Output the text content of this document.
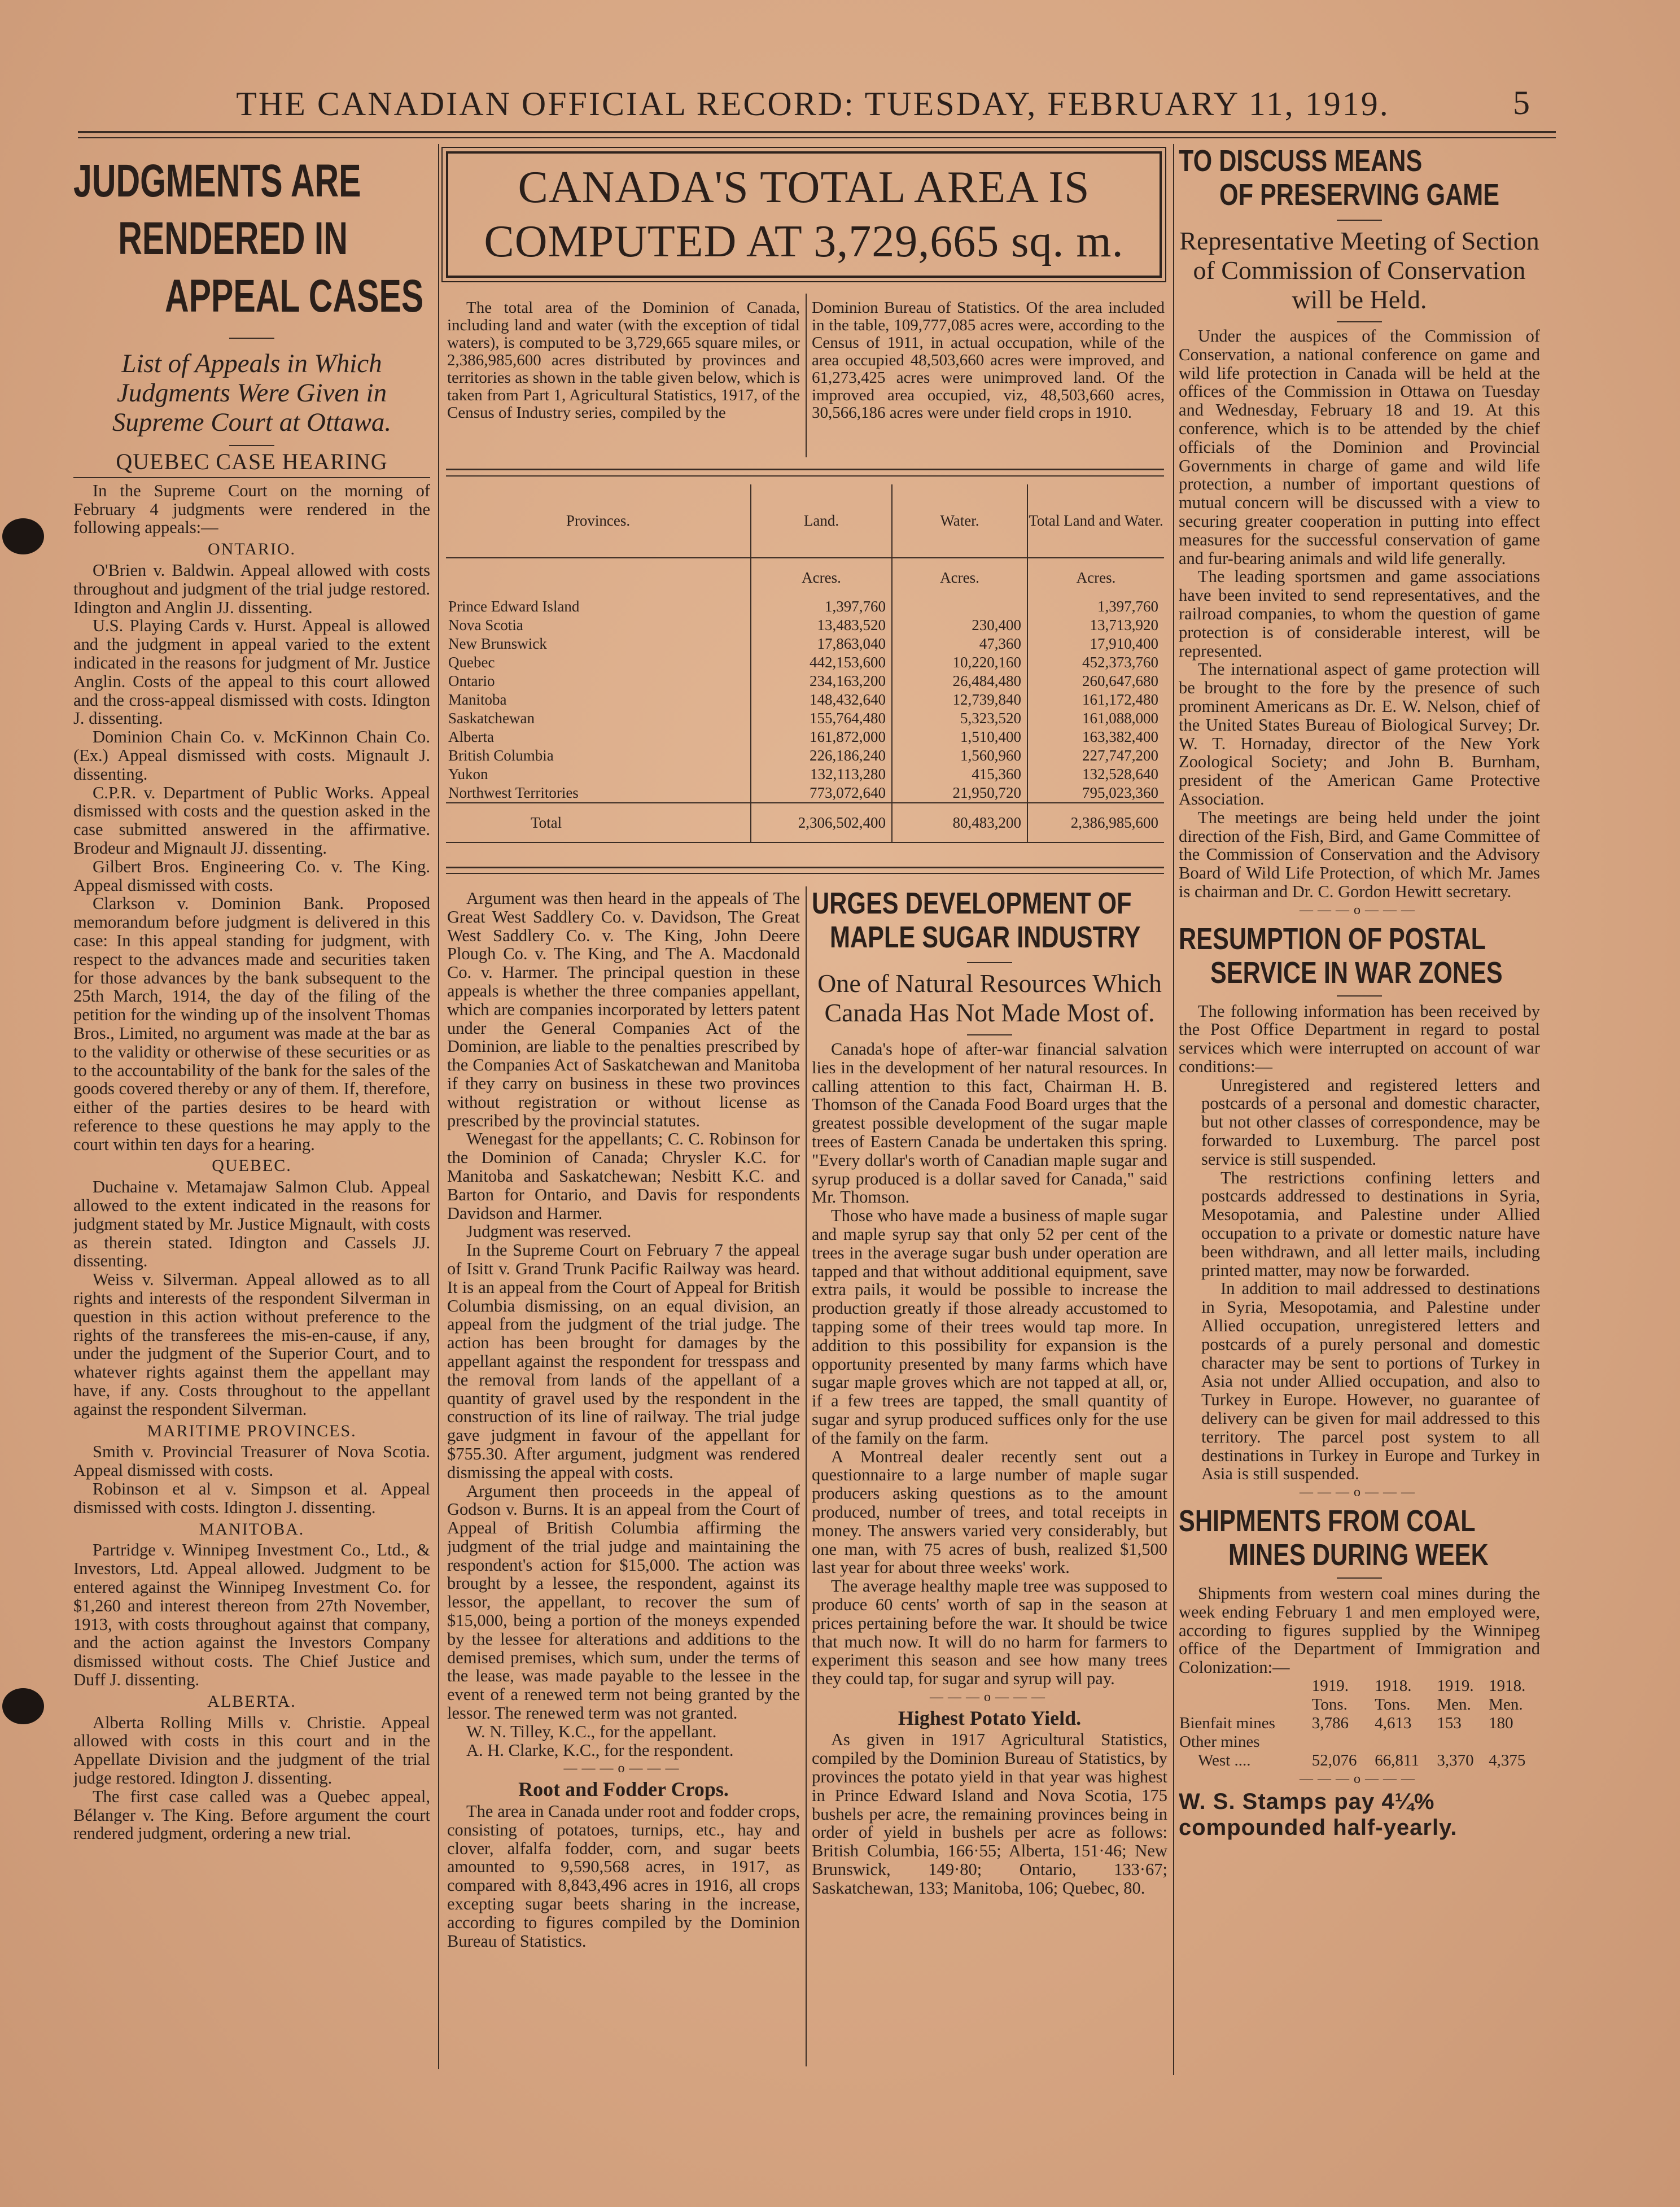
THE CANADIAN OFFICIAL RECORD: TUESDAY, FEBRUARY 11, 1919.	5
JUDGMENTS ARE
RENDERED IN
APPEAL CASES
List of Appeals in Which Judgments Were Given in Supreme Court at Ottawa.
QUEBEC CASE HEARING

In the Supreme Court on the morning of February 4 judgments were rendered in the following appeals:—

ONTARIO.

O'Brien v. Baldwin. Appeal allowed with costs throughout and judgment of the trial judge restored. Idington and Anglin JJ. dissenting.

U.S. Playing Cards v. Hurst. Appeal is allowed and the judgment in appeal varied to the extent indicated in the reasons for judgment of Mr. Justice Anglin. Costs of the appeal to this court allowed and the cross-appeal dismissed with costs. Idington J. dissenting.

Dominion Chain Co. v. McKinnon Chain Co. (Ex.) Appeal dismissed with costs. Mignault J. dissenting.

C.P.R. v. Department of Public Works. Appeal dismissed with costs and the question asked in the case submitted answered in the affirmative. Brodeur and Mignault JJ. dissenting.

Gilbert Bros. Engineering Co. v. The King. Appeal dismissed with costs.

Clarkson v. Dominion Bank. Proposed memorandum before judgment is delivered in this case: In this appeal standing for judgment, with respect to the advances made and securities taken for those advances by the bank subsequent to the 25th March, 1914, the day of the filing of the petition for the winding up of the insolvent Thomas Bros., Limited, no argument was made at the bar as to the validity or otherwise of these securities or as to the accountability of the bank for the sales of the goods covered thereby or any of them. If, therefore, either of the parties desires to be heard with reference to these questions he may apply to the court within ten days for a hearing.

QUEBEC.

Duchaine v. Metamajaw Salmon Club. Appeal allowed to the extent indicated in the reasons for judgment stated by Mr. Justice Mignault, with costs as therein stated. Idington and Cassels JJ. dissenting.

Weiss v. Silverman. Appeal allowed as to all rights and interests of the respondent Silverman in question in this action without preference to the rights of the transferees the mis-en-cause, if any, under the judgment of the Superior Court, and to whatever rights against them the appellant may have, if any. Costs throughout to the appellant against the respondent Silverman.

MARITIME PROVINCES.

Smith v. Provincial Treasurer of Nova Scotia. Appeal dismissed with costs.

Robinson et al v. Simpson et al. Appeal dismissed with costs. Idington J. dissenting.

MANITOBA.

Partridge v. Winnipeg Investment Co., Ltd., & Investors, Ltd. Appeal allowed. Judgment to be entered against the Winnipeg Investment Co. for $1,260 and interest thereon from 27th November, 1913, with costs throughout against that company, and the action against the Investors Company dismissed without costs. The Chief Justice and Duff J. dissenting.

ALBERTA.

Alberta Rolling Mills v. Christie. Appeal allowed with costs in this court and in the Appellate Division and the judgment of the trial judge restored. Idington J. dissenting.

The first case called was a Quebec appeal, Bélanger v. The King. Before argument the court rendered judgment, ordering a new trial.

CANADA'S TOTAL AREA IS
COMPUTED AT 3,729,665 sq. m.

The total area of the Dominion of Canada, including land and water (with the exception of tidal waters), is computed to be 3,729,665 square miles, or 2,386,985,600 acres distributed by provinces and territories as shown in the table given below, which is taken from Part 1, Agricultural Statistics, 1917, of the Census of Industry series, compiled by the

Dominion Bureau of Statistics. Of the area included in the table, 109,777,085 acres were, according to the Census of 1911, in actual occupation, while of the area occupied 48,503,660 acres were improved, and 61,273,425 acres were unimproved land. Of the improved area occupied, viz, 48,503,660 acres, 30,566,186 acres were under field crops in 1910.

Provinces.	Land.	Water.	Total Land and Water.
	Acres.	Acres.	Acres.
Prince Edward Island	1,397,760		1,397,760
Nova Scotia	13,483,520	230,400	13,713,920
New Brunswick	17,863,040	47,360	17,910,400
Quebec	442,153,600	10,220,160	452,373,760
Ontario	234,163,200	26,484,480	260,647,680
Manitoba	148,432,640	12,739,840	161,172,480
Saskatchewan	155,764,480	5,323,520	161,088,000
Alberta	161,872,000	1,510,400	163,382,400
British Columbia	226,186,240	1,560,960	227,747,200
Yukon	132,113,280	415,360	132,528,640
Northwest Territories	773,072,640	21,950,720	795,023,360
Total	2,306,502,400	80,483,200	2,386,985,600

Argument was then heard in the appeals of The Great West Saddlery Co. v. Davidson, The Great West Saddlery Co. v. The King, John Deere Plough Co. v. The King, and The A. Macdonald Co. v. Harmer. The principal question in these appeals is whether the three companies appellant, which are companies incorporated by letters patent under the General Companies Act of the Dominion, are liable to the penalties prescribed by the Companies Act of Saskatchewan and Manitoba if they carry on business in these two provinces without registration or without license as prescribed by the provincial statutes.

Wenegast for the appellants; C. C. Robinson for the Dominion of Canada; Chrysler K.C. for Manitoba and Saskatchewan; Nesbitt K.C. and Barton for Ontario, and Davis for respondents Davidson and Harmer.

Judgment was reserved.

In the Supreme Court on February 7 the appeal of Isitt v. Grand Trunk Pacific Railway was heard. It is an appeal from the Court of Appeal for British Columbia dismissing, on an equal division, an appeal from the judgment of the trial judge. The action has been brought for damages by the appellant against the respondent for tresspass and the removal from lands of the appellant of a quantity of gravel used by the respondent in the construction of its line of railway. The trial judge gave judgment in favour of the appellant for $755.30. After argument, judgment was rendered dismissing the appeal with costs.

Argument then proceeds in the appeal of Godson v. Burns. It is an appeal from the Court of Appeal of British Columbia affirming the judgment of the trial judge and maintaining the respondent's action for $15,000. The action was brought by a lessee, the respondent, against its lessor, the appellant, to recover the sum of $15,000, being a portion of the moneys expended by the lessee for alterations and additions to the demised premises, which sum, under the terms of the lease, was made payable to the lessee in the event of a renewed term not being granted by the lessor. The renewed term was not granted.

W. N. Tilley, K.C., for the appellant.

A. H. Clarke, K.C., for the respondent.

———o———
Root and Fodder Crops.

The area in Canada under root and fodder crops, consisting of potatoes, turnips, etc., hay and clover, alfalfa fodder, corn, and sugar beets amounted to 9,590,568 acres, in 1917, as compared with 8,843,496 acres in 1916, all crops excepting sugar beets sharing in the increase, according to figures compiled by the Dominion Bureau of Statistics.

URGES DEVELOPMENT OF
MAPLE SUGAR INDUSTRY
One of Natural Resources Which Canada Has Not Made Most of.

Canada's hope of after-war financial salvation lies in the development of her natural resources. In calling attention to this fact, Chairman H. B. Thomson of the Canada Food Board urges that the greatest possible development of the sugar maple trees of Eastern Canada be undertaken this spring. "Every dollar's worth of Canadian maple sugar and syrup produced is a dollar saved for Canada," said Mr. Thomson.

Those who have made a business of maple sugar and maple syrup say that only 52 per cent of the trees in the average sugar bush under operation are tapped and that without additional equipment, save extra pails, it would be possible to increase the production greatly if those already accustomed to tapping some of their trees would tap more. In addition to this possibility for expansion is the opportunity presented by many farms which have sugar maple groves which are not tapped at all, or, if a few trees are tapped, the small quantity of sugar and syrup produced suffices only for the use of the family on the farm.

A Montreal dealer recently sent out a questionnaire to a large number of maple sugar producers asking questions as to the amount produced, number of trees, and total receipts in money. The answers varied very considerably, but one man, with 75 acres of bush, realized $1,500 last year for about three weeks' work.

The average healthy maple tree was supposed to produce 60 cents' worth of sap in the season at prices pertaining before the war. It should be twice that much now. It will do no harm for farmers to experiment this season and see how many trees they could tap, for sugar and syrup will pay.

———o———
Highest Potato Yield.

As given in 1917 Agricultural Statistics, compiled by the Dominion Bureau of Statistics, by provinces the potato yield in that year was highest in Prince Edward Island and Nova Scotia, 175 bushels per acre, the remaining provinces being in order of yield in bushels per acre as follows: British Columbia, 166·55; Alberta, 151·46; New Brunswick, 149·80; Ontario, 133·67; Saskatchewan, 133; Manitoba, 106; Quebec, 80.

TO DISCUSS MEANS
OF PRESERVING GAME
Representative Meeting of Section of Commission of Conservation will be Held.

Under the auspices of the Commission of Conservation, a national conference on game and wild life protection in Canada will be held at the offices of the Commission in Ottawa on Tuesday and Wednesday, February 18 and 19. At this conference, which is to be attended by the chief officials of the Dominion and Provincial Governments in charge of game and wild life protection, a number of important questions of mutual concern will be discussed with a view to securing greater cooperation in putting into effect measures for the successful conservation of game and fur-bearing animals and wild life generally.

The leading sportsmen and game associations have been invited to send representatives, and the railroad companies, to whom the question of game protection is of considerable interest, will be represented.

The international aspect of game protection will be brought to the fore by the presence of such prominent Americans as Dr. E. W. Nelson, chief of the United States Bureau of Biological Survey; Dr. W. T. Hornaday, director of the New York Zoological Society; and John B. Burnham, president of the American Game Protective Association.

The meetings are being held under the joint direction of the Fish, Bird, and Game Committee of the Commission of Conservation and the Advisory Board of Wild Life Protection, of which Mr. James is chairman and Dr. C. Gordon Hewitt secretary.

———o———
RESUMPTION OF POSTAL
SERVICE IN WAR ZONES

The following information has been received by the Post Office Department in regard to postal services which were interrupted on account of war conditions:—

Unregistered and registered letters and postcards of a personal and domestic character, but not other classes of correspondence, may be forwarded to Luxemburg. The parcel post service is still suspended.

The restrictions confining letters and postcards addressed to destinations in Syria, Mesopotamia, and Palestine under Allied occupation to a private or domestic nature have been withdrawn, and all letter mails, including printed matter, may now be forwarded.

In addition to mail addressed to destinations in Syria, Mesopotamia, and Palestine under Allied occupation, unregistered letters and postcards of a purely personal and domestic character may be sent to portions of Turkey in Asia not under Allied occupation, and also to Turkey in Europe. However, no guarantee of delivery can be given for mail addressed to this territory. The parcel post system to all destinations in Turkey in Europe and Turkey in Asia is still suspended.

———o———
SHIPMENTS FROM COAL
MINES DURING WEEK

Shipments from western coal mines during the week ending February 1 and men employed were, according to figures supplied by the Winnipeg office of the Department of Immigration and Colonization:—

	1919.	1918.	1919.	1918.
	Tons.	Tons.	Men.	Men.
Bienfait mines	3,786	4,613	153	180
Other mines				
West ....	52,076	66,811	3,370	4,375
———o———
W. S. Stamps pay 4¼% compounded half-yearly.
